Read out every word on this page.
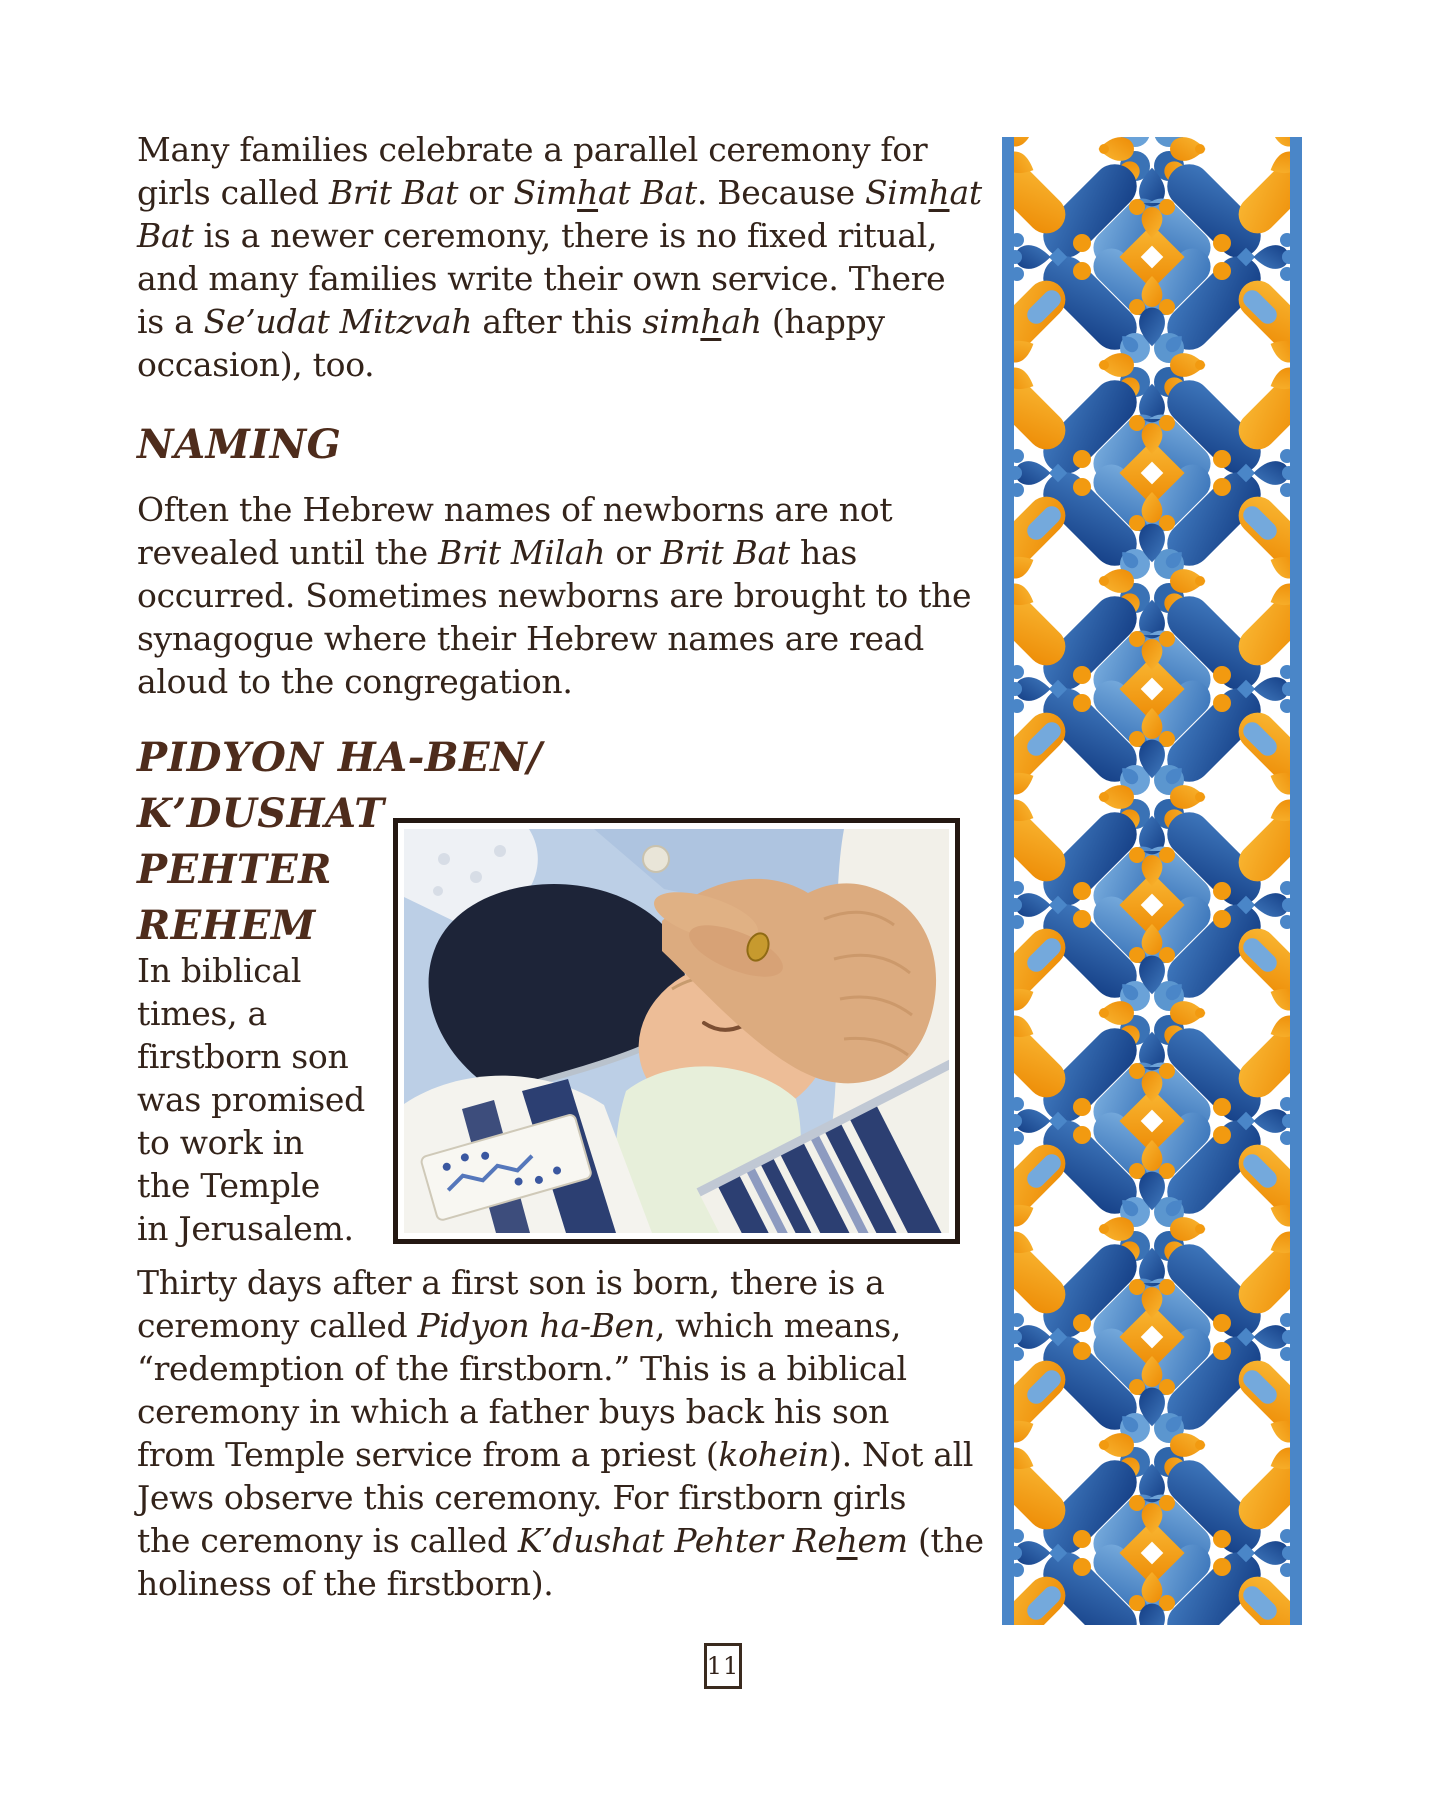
Many families celebrate a parallel ceremony for
girls called Brit Bat or Simhat Bat. Because Simhat
Bat is a newer ceremony, there is no fixed ritual,
and many families write their own service. There
is a Se’udat Mitzvah after this simhah (happy
occasion), too.
NAMING
Often the Hebrew names of newborns are not
revealed until the Brit Milah or Brit Bat has
occurred. Sometimes newborns are brought to the
synagogue where their Hebrew names are read
aloud to the congregation.
PIDYON HA-BEN/
K’DUSHAT
PEHTER
REHEM
In biblical
times, a
firstborn son
was promised
to work in
the Temple
in Jerusalem.
Thirty days after a first son is born, there is a
ceremony called Pidyon ha-Ben, which means,
“redemption of the firstborn.” This is a biblical
ceremony in which a father buys back his son
from Temple service from a priest (kohein). Not all
Jews observe this ceremony. For firstborn girls
the ceremony is called K’dushat Pehter Rehem (the
holiness of the firstborn).
11
